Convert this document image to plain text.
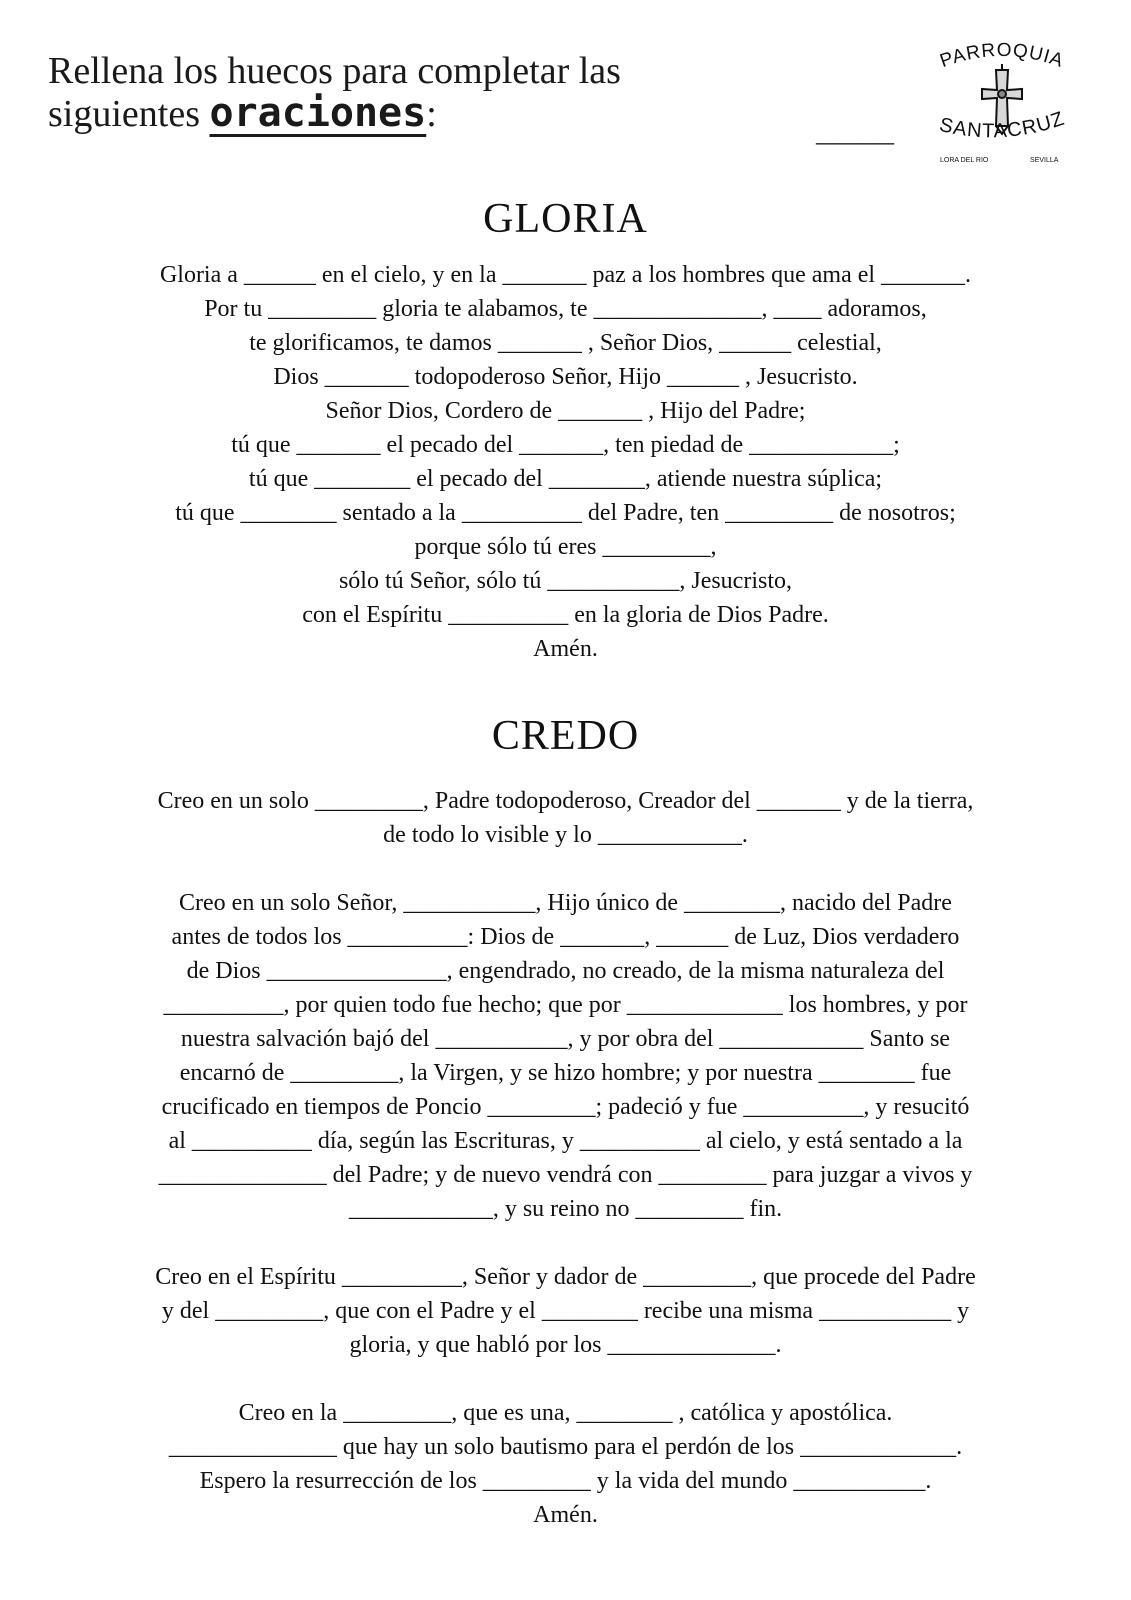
Rellena los huecos para completar las
siguientes oraciones:	______
PARROQUIA
SANTACRUZ
LORA DEL RIO	SEVILLA
GLORIA
Gloria a ______ en el cielo, y en la _______ paz a los hombres que ama el _______.
Por tu _________ gloria te alabamos, te ______________, ____ adoramos,
te glorificamos, te damos _______ , Señor Dios, ______ celestial,
Dios _______ todopoderoso Señor, Hijo ______ , Jesucristo.
Señor Dios, Cordero de _______ , Hijo del Padre;
tú que _______ el pecado del _______, ten piedad de ____________;
tú que ________ el pecado del ________, atiende nuestra súplica;
tú que ________ sentado a la __________ del Padre, ten _________ de nosotros;
porque sólo tú eres _________,
sólo tú Señor, sólo tú ___________, Jesucristo,
con el Espíritu __________ en la gloria de Dios Padre.
Amén.
CREDO
Creo en un solo _________, Padre todopoderoso, Creador del _______ y de la tierra,
de todo lo visible y lo ____________.
Creo en un solo Señor, ___________, Hijo único de ________, nacido del Padre
antes de todos los __________: Dios de _______, ______ de Luz, Dios verdadero
de Dios _______________, engendrado, no creado, de la misma naturaleza del
__________, por quien todo fue hecho; que por _____________ los hombres, y por
nuestra salvación bajó del ___________, y por obra del ____________ Santo se
encarnó de _________, la Virgen, y se hizo hombre; y por nuestra ________ fue
crucificado en tiempos de Poncio _________; padeció y fue __________, y resucitó
al __________ día, según las Escrituras, y __________ al cielo, y está sentado a la
______________ del Padre; y de nuevo vendrá con _________ para juzgar a vivos y
____________, y su reino no _________ fin.
Creo en el Espíritu __________, Señor y dador de _________, que procede del Padre
y del _________, que con el Padre y el ________ recibe una misma ___________ y
gloria, y que habló por los ______________.
Creo en la _________, que es una, ________ , católica y apostólica.
______________ que hay un solo bautismo para el perdón de los _____________.
Espero la resurrección de los _________ y la vida del mundo ___________.
Amén.
